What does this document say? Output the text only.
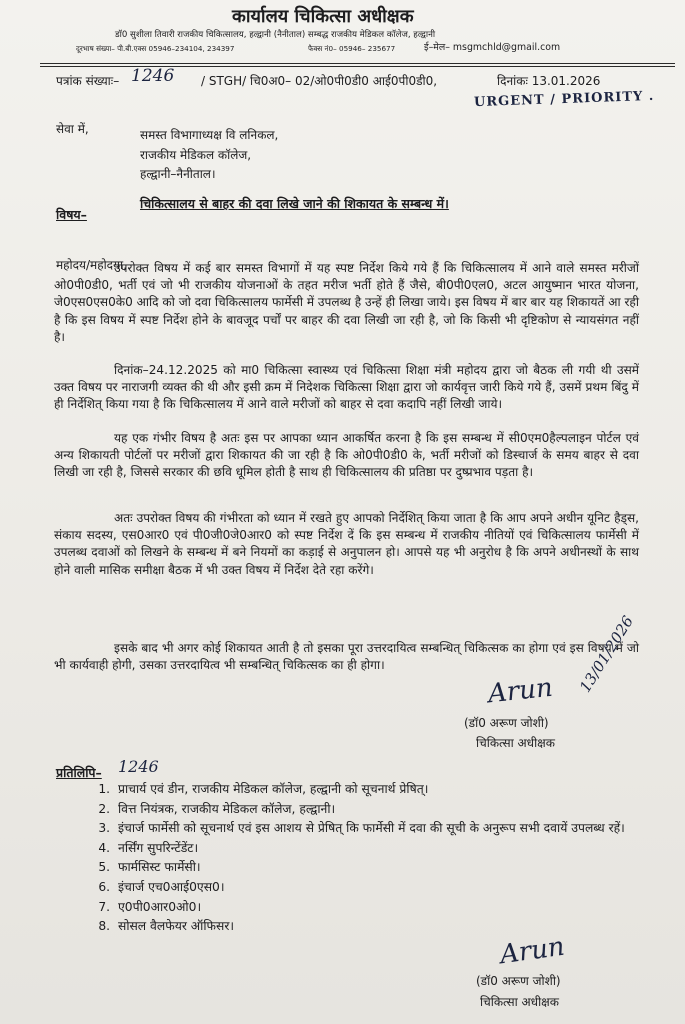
कार्यालय चिकित्सा अधीक्षक
डॉ0 सुशीला तिवारी राजकीय चिकित्सालय, हल्द्वानी (नैनीताल) सम्बद्ध राजकीय मेडिकल कॉलेज, हल्द्वानी
दूरभाष संख्या– पी.बी.एक्स 05946–234104, 234397	फैक्स नं0– 05946– 235677	ई–मेल– msgmchld@gmail.com
पत्रांक संख्याः– 1246 / STGH/ चि0अ0– 02/ओ0पी0डी0 आई0पी0डी0,	दिनांकः 13.01.2026
URGENT / PRIORITY .
सेवा में,	समस्त विभागाध्यक्ष वि लनिकल,
राजकीय मेडिकल कॉलेज,
हल्द्वानी–नैनीताल।
विषय–
चिकित्सालय से बाहर की दवा लिखे जाने की शिकायत के सम्बन्ध में।
महोदय/महोदया,
उपरोक्त विषय में कई बार समस्त विभागों में यह स्पष्ट निर्देश किये गये हैं कि चिकित्सालय में आने वाले समस्त मरीजों ओ0पी0डी0, भर्ती एवं जो भी राजकीय योजनाओं के तहत मरीज भर्ती होते हैं जैसे, बी0पी0एल0, अटल आयुष्मान भारत योजना, जे0एस0एस0के0 आदि को जो दवा चिकित्सालय फार्मेसी में उपलब्ध है उन्हें ही लिखा जाये। इस विषय में बार बार यह शिकायतें आ रही है कि इस विषय में स्पष्ट निर्देश होने के बावजूद पर्चों पर बाहर की दवा लिखी जा रही है, जो कि किसी भी दृष्टिकोण से न्यायसंगत नहीं है।
दिनांक–24.12.2025 को मा0 चिकित्सा स्वास्थ्य एवं चिकित्सा शिक्षा मंत्री महोदय द्वारा जो बैठक ली गयी थी उसमें उक्त विषय पर नाराजगी व्यक्त की थी और इसी क्रम में निदेशक चिकित्सा शिक्षा द्वारा जो कार्यवृत्त जारी किये गये हैं, उसमें प्रथम बिंदु में ही निर्देशित् किया गया है कि चिकित्सालय में आने वाले मरीजों को बाहर से दवा कदापि नहीं लिखी जाये।
यह एक गंभीर विषय है अतः इस पर आपका ध्यान आकर्षित करना है कि इस सम्बन्ध में सी0एम0हैल्पलाइन पोर्टल एवं अन्य शिकायती पोर्टलों पर मरीजों द्वारा शिकायत की जा रही है कि ओ0पी0डी0 के, भर्ती मरीजों को डिस्चार्ज के समय बाहर से दवा लिखी जा रही है, जिससे सरकार की छवि धूमिल होती है साथ ही चिकित्सालय की प्रतिष्ठा पर दुष्प्रभाव पड़ता है।
अतः उपरोक्त विषय की गंभीरता को ध्यान में रखते हुए आपको निर्देशित् किया जाता है कि आप अपने अधीन यूनिट हैड्स, संकाय सदस्य, एस0आर0 एवं पी0जी0जे0आर0 को स्पष्ट निर्देश दें कि इस सम्बन्ध में राजकीय नीतियों एवं चिकित्सालय फार्मेसी में उपलब्ध दवाओं को लिखने के सम्बन्ध में बने नियमों का कड़ाई से अनुपालन हो। आपसे यह भी अनुरोध है कि अपने अधीनस्थों के साथ होने वाली मासिक समीक्षा बैठक में भी उक्त विषय में निर्देश देते रहा करेंगे।
इसके बाद भी अगर कोई शिकायत आती है तो इसका पूरा उत्तरदायित्व सम्बन्धित् चिकित्सक का होगा एवं इस विषय में जो भी कार्यवाही होगी, उसका उत्तरदायित्व भी सम्बन्धित् चिकित्सक का ही होगा।
Arun 13/01/2026
(डॉ0 अरूण जोशी)
चिकित्सा अधीक्षक
प्रतिलिपि– 1246
1. प्राचार्य एवं डीन, राजकीय मेडिकल कॉलेज, हल्द्वानी को सूचनार्थ प्रेषित्।
2. वित्त नियंत्रक, राजकीय मेडिकल कॉलेज, हल्द्वानी।
3. इंचार्ज फार्मेसी को सूचनार्थ एवं इस आशय से प्रेषित् कि फार्मेसी में दवा की सूची के अनुरूप सभी दवायें उपलब्ध रहें।
4. नर्सिंग सुपरिन्टेंडेंट।
5. फार्मसिस्ट फार्मेसी।
6. इंचार्ज एच0आई0एस0।
7. ए0पी0आर0ओ0।
8. सोसल वैलफेयर ऑफिसर।
Arun
(डॉ0 अरूण जोशी)
चिकित्सा अधीक्षक
